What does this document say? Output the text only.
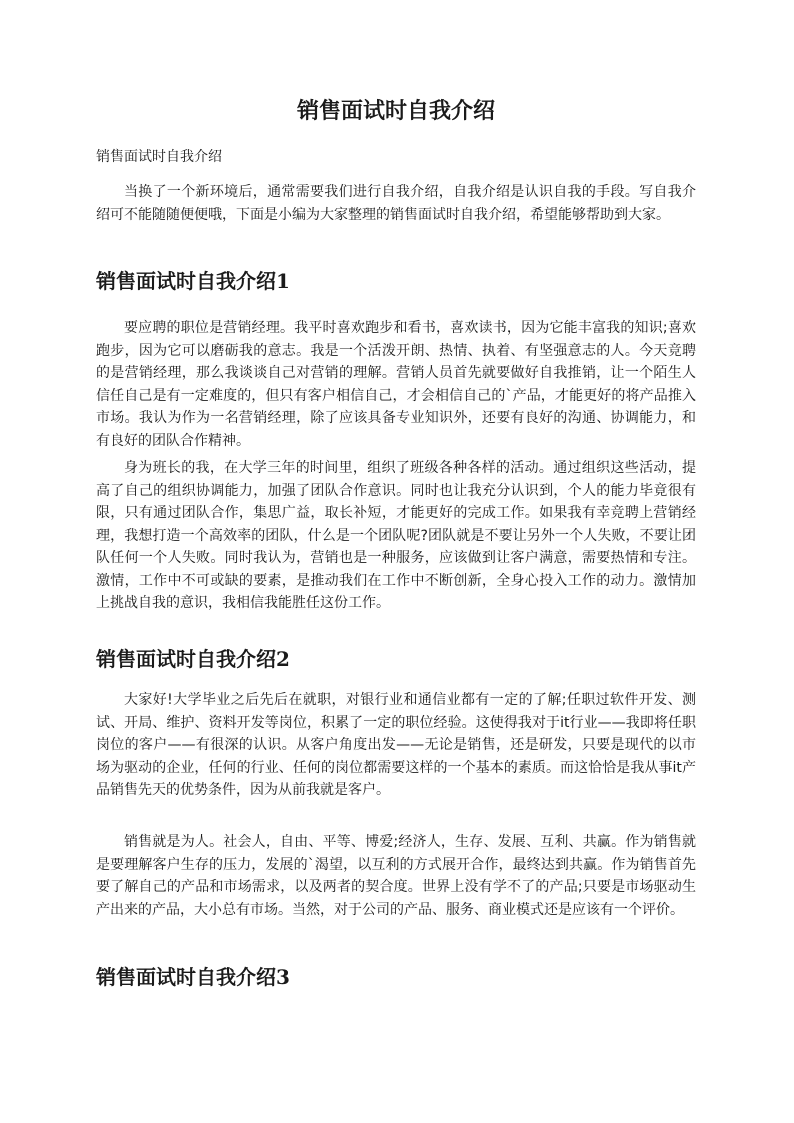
销售面试时自我介绍

销售面试时自我介绍

当换了一个新环境后，通常需要我们进行自我介绍，自我介绍是认识自我的手段。写自我介绍可不能随随便便哦，下面是小编为大家整理的销售面试时自我介绍，希望能够帮助到大家。

销售面试时自我介绍1

要应聘的职位是营销经理。我平时喜欢跑步和看书，喜欢读书，因为它能丰富我的知识;喜欢跑步，因为它可以磨砺我的意志。我是一个活泼开朗、热情、执着、有坚强意志的人。今天竞聘的是营销经理，那么我谈谈自己对营销的理解。营销人员首先就要做好自我推销，让一个陌生人信任自己是有一定难度的，但只有客户相信自己，才会相信自己的`产品，才能更好的将产品推入市场。我认为作为一名营销经理，除了应该具备专业知识外，还要有良好的沟通、协调能力，和有良好的团队合作精神。

身为班长的我，在大学三年的时间里，组织了班级各种各样的活动。通过组织这些活动，提高了自己的组织协调能力，加强了团队合作意识。同时也让我充分认识到，个人的能力毕竟很有限，只有通过团队合作，集思广益，取长补短，才能更好的完成工作。如果我有幸竞聘上营销经理，我想打造一个高效率的团队，什么是一个团队呢?团队就是不要让另外一个人失败，不要让团队任何一个人失败。同时我认为，营销也是一种服务，应该做到让客户满意，需要热情和专注。激情，工作中不可或缺的要素，是推动我们在工作中不断创新，全身心投入工作的动力。激情加上挑战自我的意识，我相信我能胜任这份工作。

销售面试时自我介绍2

大家好!大学毕业之后先后在就职，对银行业和通信业都有一定的了解;任职过软件开发、测试、开局、维护、资料开发等岗位，积累了一定的职位经验。这使得我对于it行业——我即将任职岗位的客户——有很深的认识。从客户角度出发——无论是销售，还是研发，只要是现代的以市场为驱动的企业，任何的行业、任何的岗位都需要这样的一个基本的素质。而这恰恰是我从事it产品销售先天的优势条件，因为从前我就是客户。

销售就是为人。社会人，自由、平等、博爱;经济人，生存、发展、互利、共赢。作为销售就是要理解客户生存的压力，发展的`渴望，以互利的方式展开合作，最终达到共赢。作为销售首先要了解自己的产品和市场需求，以及两者的契合度。世界上没有学不了的产品;只要是市场驱动生产出来的产品，大小总有市场。当然，对于公司的产品、服务、商业模式还是应该有一个评价。

销售面试时自我介绍3
